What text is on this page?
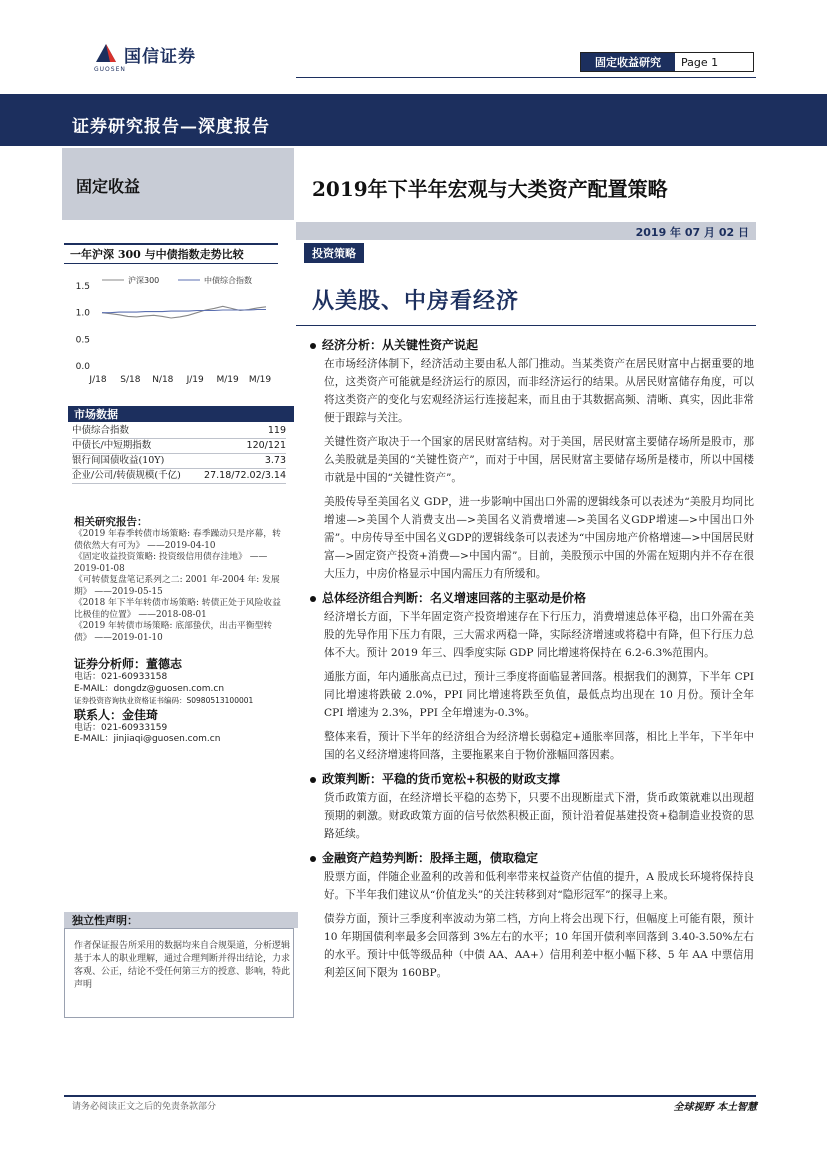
国信证券
GUOSEN
固定收益研究	Page 1
证券研究报告—深度报告
固定收益	2019年下半年宏观与大类资产配置策略
2019 年 07 月 02 日
一年沪深 300 与中债指数走势比较
0.0
0.5
1.0
1.5
J/18 S/18 N/18 J/19 M/19 M/19
沪深300	中债综合指数
市场数据
中债综合指数	119
中债长/中短期指数	120/121
银行间国债收益(10Y)	3.73
企业/公司/转债规模(千亿) 27.18/72.02/3.14
相关研究报告：
《2019 年春季转债市场策略: 春季躁动只是序幕，转债依然大有可为》 ——2019-04-10
《固定收益投资策略: 投资级信用债存洼地》 ——2019-01-08
《可转债复盘笔记系列之二: 2001 年-2004 年: 发展期》 ——2019-05-15
《2018 年下半年转债市场策略: 转债正处于风险收益比极佳的位置》 ——2018-08-01
《2019 年转债市场策略: 底部蛰伏，出击平衡型转债》 ——2019-01-10
证券分析师：董德志
电话：021-60933158
E-MAIL：dongdz@guosen.com.cn
证券投资咨询执业资格证书编码：S0980513100001
联系人：金佳琦
电话：021-60933159
E-MAIL：jinjiaqi@guosen.com.cn
独立性声明：
作者保证报告所采用的数据均来自合规渠道，分析逻辑基于本人的职业理解，通过合理判断并得出结论，力求客观、公正，结论不受任何第三方的授意、影响，特此声明
投资策略
从美股、中房看经济
经济分析：从关键性资产说起
在市场经济体制下，经济活动主要由私人部门推动。当某类资产在居民财富中占据重要的地位，这类资产可能就是经济运行的原因，而非经济运行的结果。从居民财富储存角度，可以将这类资产的变化与宏观经济运行连接起来，而且由于其数据高频、清晰、真实，因此非常便于跟踪与关注。
关键性资产取决于一个国家的居民财富结构。对于美国，居民财富主要储存场所是股市，那么美股就是美国的“关键性资产”，而对于中国，居民财富主要储存场所是楼市，所以中国楼市就是中国的“关键性资产”。
美股传导至美国名义 GDP，进一步影响中国出口外需的逻辑线条可以表述为“美股月均同比增速—>美国个人消费支出—>美国名义消费增速—>美国名义GDP增速—>中国出口外需”。中房传导至中国名义GDP的逻辑线条可以表述为“中国房地产价格增速—>中国居民财富—>固定资产投资+消费—>中国内需”。目前，美股预示中国的外需在短期内并不存在很大压力，中房价格显示中国内需压力有所缓和。
总体经济组合判断：名义增速回落的主驱动是价格
经济增长方面，下半年固定资产投资增速存在下行压力，消费增速总体平稳，出口外需在美股的先导作用下压力有限，三大需求两稳一降，实际经济增速或将稳中有降，但下行压力总体不大。预计 2019 年三、四季度实际 GDP 同比增速将保持在 6.2-6.3%范围内。
通胀方面，年内通胀高点已过，预计三季度将面临显著回落。根据我们的测算，下半年 CPI 同比增速将跌破 2.0%，PPI 同比增速将跌至负值，最低点均出现在 10 月份。预计全年 CPI 增速为 2.3%，PPI 全年增速为-0.3%。
整体来看，预计下半年的经济组合为经济增长弱稳定+通胀率回落，相比上半年，下半年中国的名义经济增速将回落，主要拖累来自于物价涨幅回落因素。
政策判断：平稳的货币宽松+积极的财政支撑
货币政策方面，在经济增长平稳的态势下，只要不出现断崖式下滑，货币政策就难以出现超预期的刺激。财政政策方面的信号依然积极正面，预计沿着促基建投资+稳制造业投资的思路延续。
金融资产趋势判断：股择主题，债取稳定
股票方面，伴随企业盈利的改善和低利率带来权益资产估值的提升，A 股成长环境将保持良好。下半年我们建议从“价值龙头”的关注转移到对“隐形冠军”的探寻上来。
债券方面，预计三季度利率波动为第二档，方向上将会出现下行，但幅度上可能有限，预计 10 年期国债利率最多会回落到 3%左右的水平；10 年国开债利率回落到 3.40-3.50%左右的水平。预计中低等级品种（中债 AA、AA+）信用利差中枢小幅下移、5 年 AA 中票信用利差区间下限为 160BP。
请务必阅读正文之后的免责条款部分	全球视野 本土智慧
